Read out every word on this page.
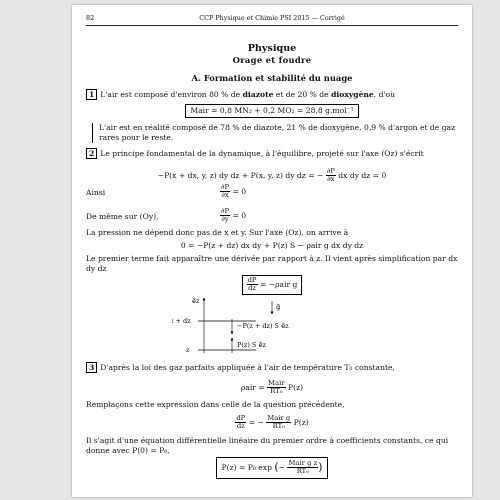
82	CCP Physique et Chimie PSI 2015 — Corrigé
Physique
Orage et foudre
A. Formation et stabilité du nuage
1 L'air est composé d'environ 80 % de diazote et de 20 % de dioxygène, d'où
Mair = 0,8 MN₂ + 0,2 MO₂ = 28,8 g.mol⁻¹
L'air est en réalité composé de 78 % de diazote, 21 % de dioxygène, 0,9 % d'argon et de gaz rares pour le reste.
2 Le principe fondamental de la dynamique, à l'équilibre, projeté sur l'axe (Oz) s'écrit
−P(x + dx, y, z) dy dz + P(x, y, z) dy dz = − $\frac{\partial P}{\partial x}$ dx dy dz = 0
Ainsi	$\frac{\partial P}{\partial x} = 0$
De même sur (Oy),	$\frac{\partial P}{\partial y} = 0$
La pression ne dépend donc pas de x et y. Sur l'axe (Oz), on arrive à
0 = −P(z + dz) dx dy + P(z) S − ρair g dx dy dz
Le premier terme fait apparaître une dérivée par rapport à z. Il vient après simplification par dx dy dz
$\frac{dP}{dz} = -\rho air$ g
e⃗z
g⃗
z + dz
z
−P(z + dz) S e⃗z
P(z) S e⃗z
3 D'après la loi des gaz parfaits appliquée à l'air de température T₀ constante,
$\rho air = \frac{\text{Mair}}{\text{RT₀}} P(z)$
Remplaçons cette expression dans celle de la question précédente,
$\frac{dP}{dz}$ = − $\frac{\text{Mair g}}{\text{RT₀}} P(z)$
Il s'agit d'une équation différentielle linéaire du premier ordre à coefficients constants, ce qui donne avec P(0) = P₀,
P(z) = P₀ exp (− $\frac{\text{Mair g z}}{\text{RT₀}}$ )
